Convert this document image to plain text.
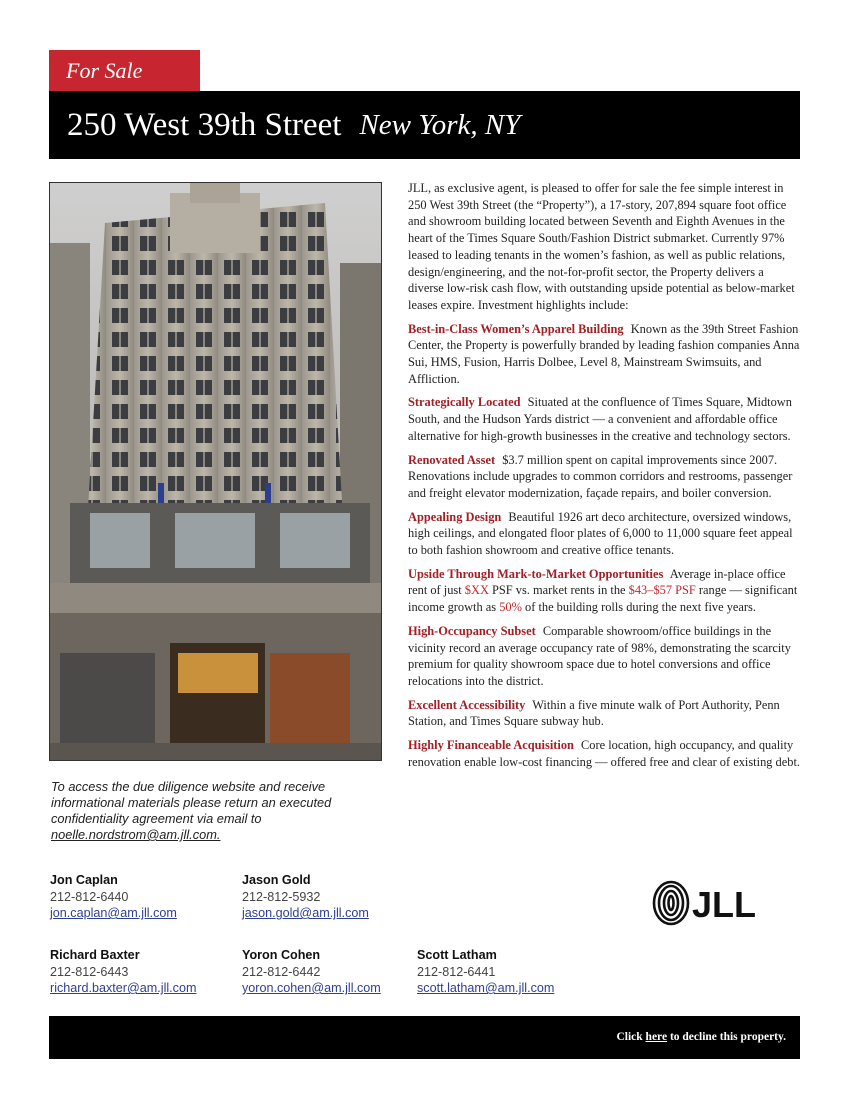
For Sale
250 West 39th Street New York, NY
To access the due diligence website and receive informational materials please return an executed confidentiality agreement via email to noelle.nordstrom@am.jll.com.

JLL, as exclusive agent, is pleased to offer for sale the fee simple interest in 250 West 39th Street (the “Property”), a 17-story, 207,894 square foot office and showroom building located between Seventh and Eighth Avenues in the heart of the Times Square South/Fashion District submarket. Currently 97% leased to leading tenants in the women’s fashion, as well as public relations, design/engineering, and the not-for-profit sector, the Property delivers a diverse low-risk cash flow, with outstanding upside potential as below-market leases expire. Investment highlights include:

Best-in-Class Women’s Apparel Building Known as the 39th Street Fashion Center, the Property is powerfully branded by leading fashion companies Anna Sui, HMS, Fusion, Harris Dolbee, Level 8, Mainstream Swimsuits, and Affliction.

Strategically Located Situated at the confluence of Times Square, Midtown South, and the Hudson Yards district — a convenient and affordable office alternative for high-growth businesses in the creative and technology sectors.

Renovated Asset $3.7 million spent on capital improvements since 2007. Renovations include upgrades to common corridors and restrooms, passenger and freight elevator modernization, façade repairs, and boiler conversion.

Appealing Design Beautiful 1926 art deco architecture, oversized windows, high ceilings, and elongated floor plates of 6,000 to 11,000 square feet appeal to both fashion showroom and creative office tenants.

Upside Through Mark-to-Market Opportunities Average in-place office rent of just $XX PSF vs. market rents in the $43–$57 PSF range — significant income growth as 50% of the building rolls during the next five years.

High-Occupancy Subset Comparable showroom/office buildings in the vicinity record an average occupancy rate of 98%, demonstrating the scarcity premium for quality showroom space due to hotel conversions and office relocations into the district.

Excellent Accessibility Within a five minute walk of Port Authority, Penn Station, and Times Square subway hub.

Highly Financeable Acquisition Core location, high occupancy, and quality renovation enable low-cost financing — offered free and clear of existing debt.

Jon Caplan
212-812-6440
jon.caplan@am.jll.com
Jason Gold
212-812-5932
jason.gold@am.jll.com
Richard Baxter
212-812-6443
richard.baxter@am.jll.com
Yoron Cohen
212-812-6442
yoron.cohen@am.jll.com
Scott Latham
212-812-6441
scott.latham@am.jll.com
JLL
Click here to decline this property.
